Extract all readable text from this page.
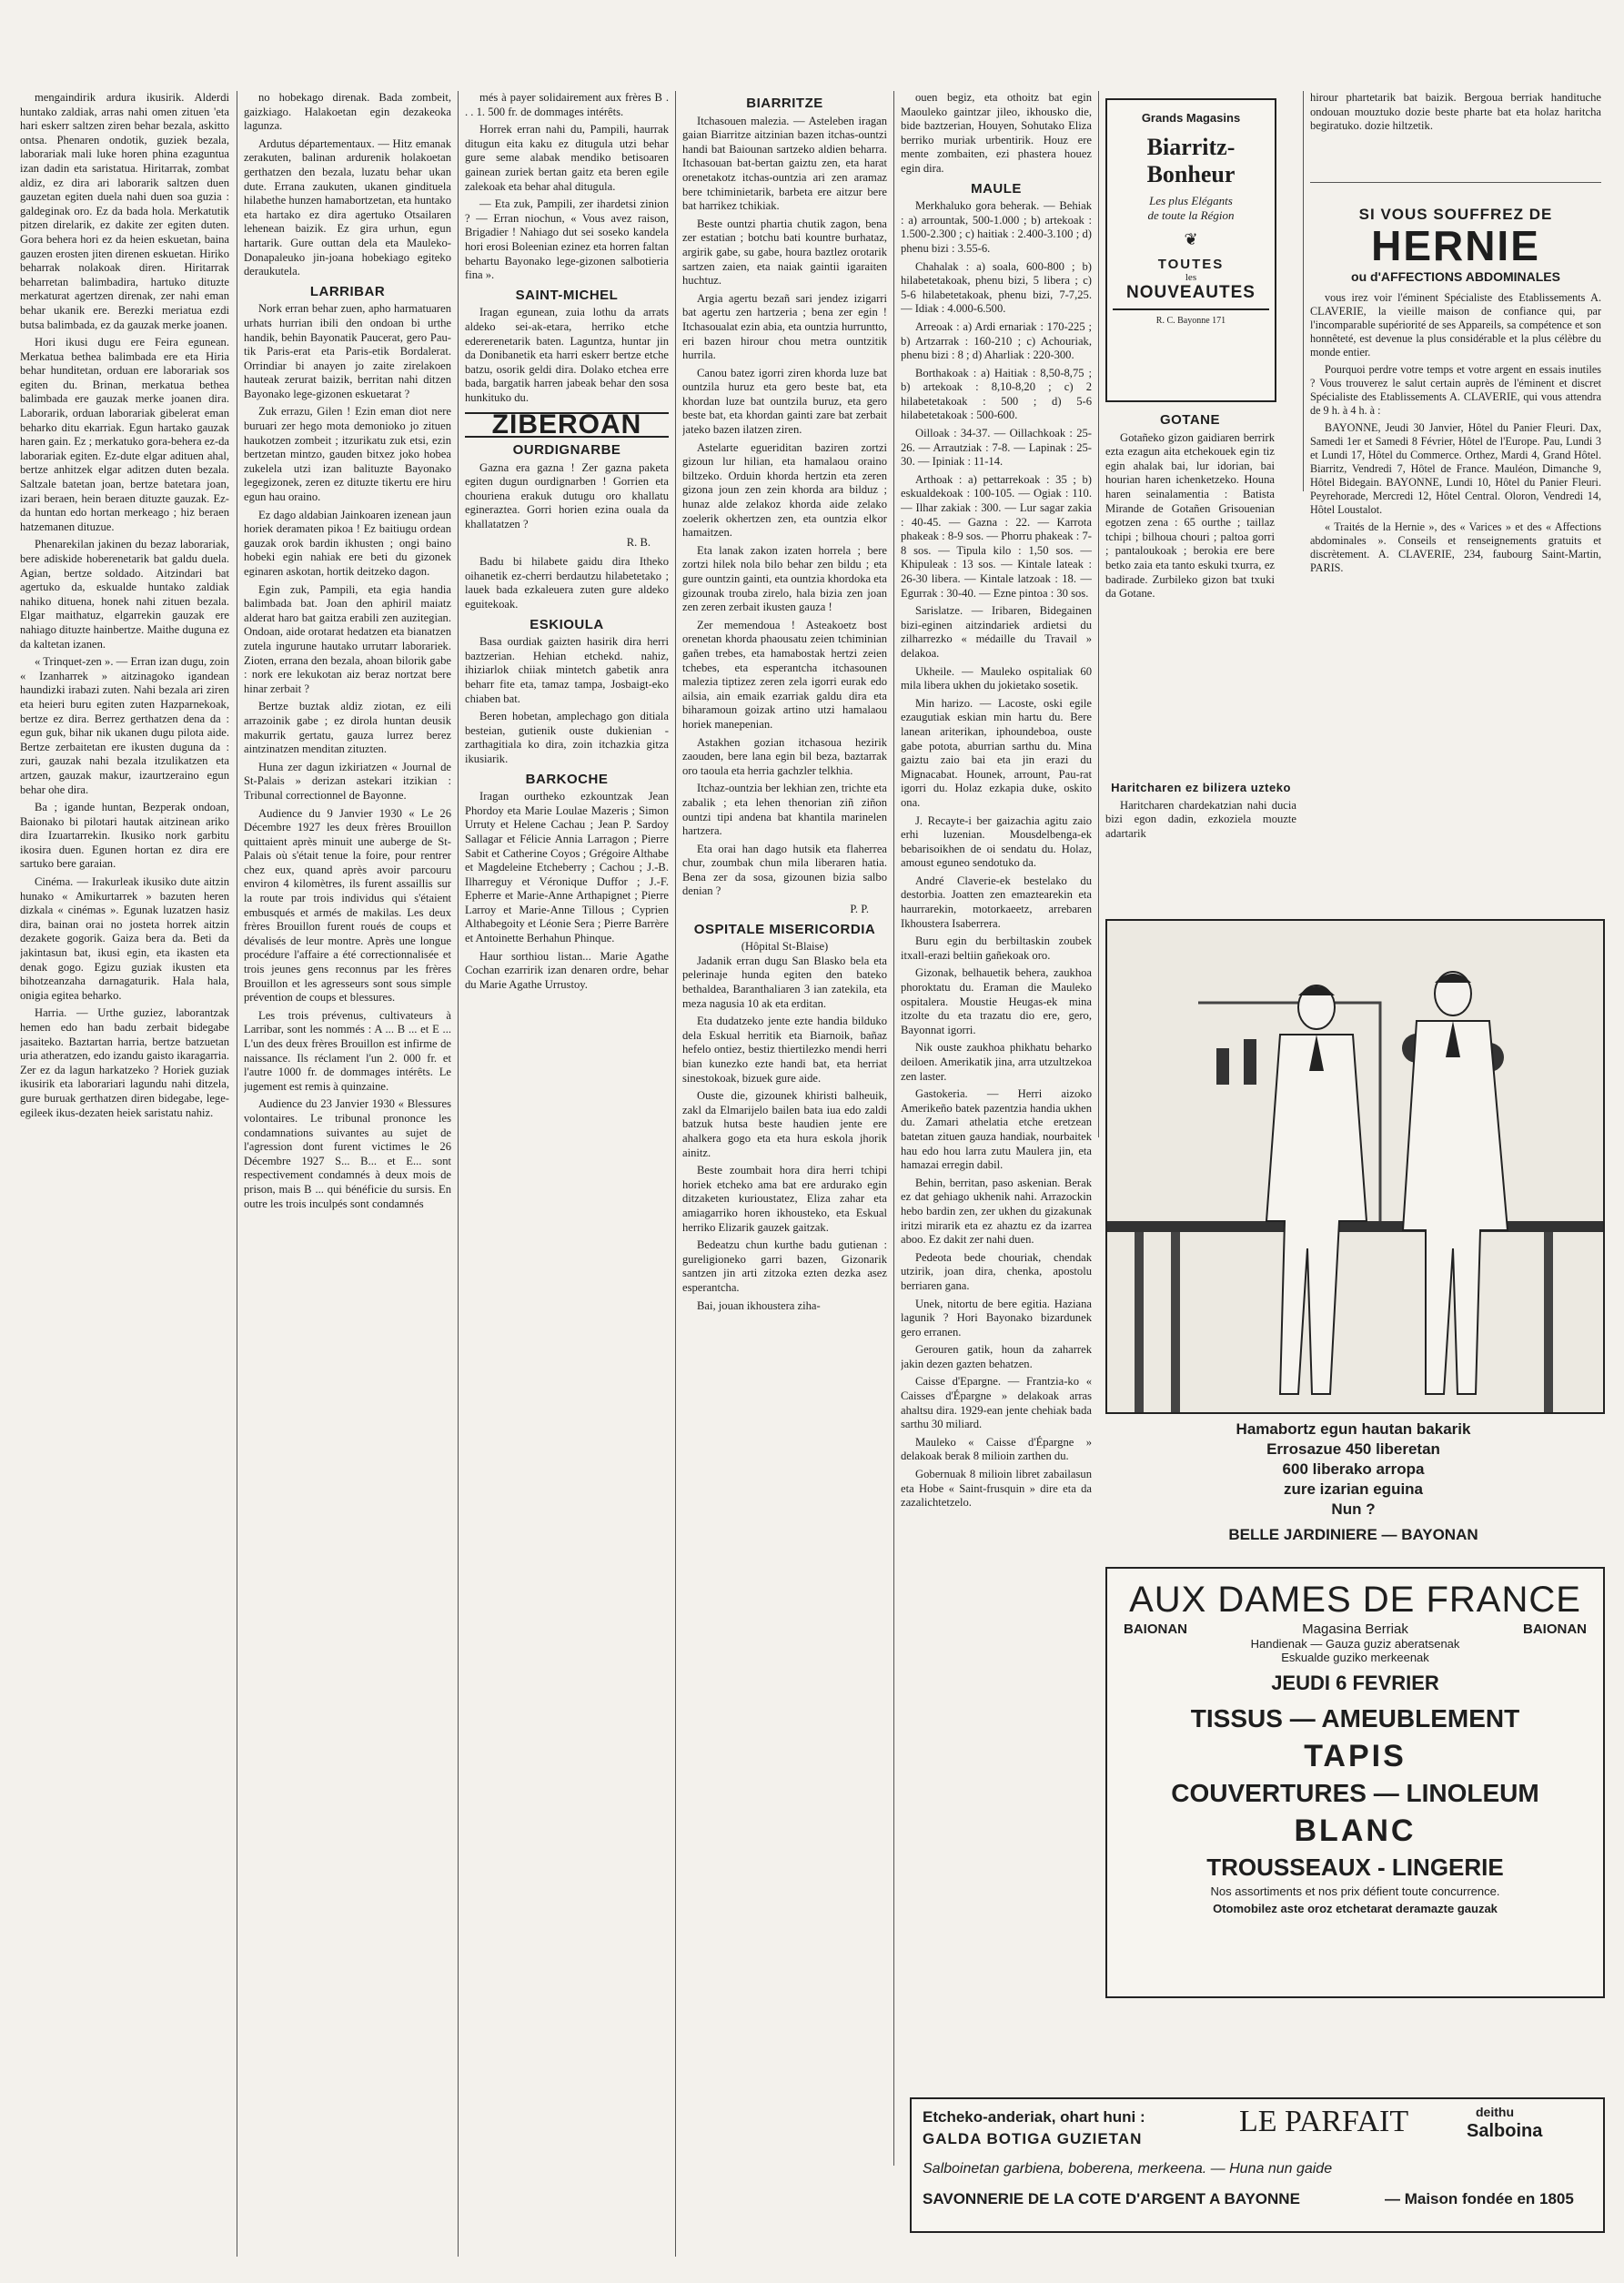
mengaindirik ardura ikusirik. Alderdi huntako zaldiak, arras nahi omen zituen 'eta hari eskerr saltzen ziren behar bezala, askitto ontsa. Phenaren ondotik, guziek bezala, laborariak mali luke horen phina ezaguntua izan dadin eta saristatua. Hiritarrak, zombat aldiz, ez dira ari laborarik saltzen duen gauzetan egiten duela nahi duen soa guzia : galdeginak oro. Ez da bada hola. Merkatutik pitzen direlarik, ez dakite zer egiten duten. Gora behera hori ez da heien eskuetan, baina gauzen erosten jiten direnen eskuetan. Hiriko beharrak nolakoak diren. Hiritarrak beharretan balimbadira, hartuko dituzte merkaturat agertzen direnak, zer nahi eman behar ukanik ere. Berezki meriatua ezdi butsa balimbada, ez da gauzak merke joanen.

Hori ikusi dugu ere Feira egunean. Merkatua bethea balimbada ere eta Hiria behar hunditetan, orduan ere laborariak sos egiten du. Brinan, merkatua bethea balimbada ere gauzak merke joanen dira. Laborarik, orduan laborariak gibelerat eman beharko ditu ekarriak. Egun hartako gauzak haren gain. Ez ; merkatuko gora-behera ez-da laborariak egiten. Ez-dute elgar adituen ahal, bertze anhitzek elgar aditzen duten bezala. Saltzale batetan joan, bertze batetara joan, izari beraen, hein beraen dituzte gauzak. Ez-da huntan edo hortan merkeago ; hiz beraen hatzemanen dituzue.

Phenarekilan jakinen du bezaz laborariak, bere adiskide hoberenetarik bat galdu duela. Agian, bertze soldado. Aitzindari bat agertuko da, eskualde huntako zaldiak nahiko dituena, honek nahi zituen bezala. Elgar maithatuz, elgarrekin gauzak ere nahiago dituzte hainbertze. Maithe duguna ez da kaltetan izanen.

« Trinquet-zen ». — Erran izan dugu, zoin « Izanharrek » aitzinagoko igandean haundizki irabazi zuten. Nahi bezala ari ziren eta heieri buru egiten zuten Hazparnekoak, bertze ez dira. Berrez gerthatzen dena da : egun guk, bihar nik ukanen dugu pilota aide. Bertze zerbaitetan ere ikusten duguna da : zuri, gauzak nahi bezala itzulikatzen eta artzen, gauzak makur, izaurtzeraino egun behar ohe dira.

Ba ; igande huntan, Bezperak ondoan, Baionako bi pilotari hautak aitzinean ariko dira Izuartarrekin. Ikusiko nork garbitu ikosira duen. Egunen hortan ez dira ere sartuko bere garaian.

Cinéma. — Irakurleak ikusiko dute aitzin hunako « Amikurtarrek » bazuten heren dizkala « cinémas ». Egunak luzatzen hasiz dira, bainan orai no josteta horrek aitzin dezakete gogorik. Gaiza bera da. Beti da jakintasun bat, ikusi egin, eta ikasten eta denak gogo. Egizu guziak ikusten eta bihotzeanzaha darnagaturik. Hala hala, onigia egitea beharko.

Harria. — Urthe guziez, laborantzak hemen edo han badu zerbait bidegabe jasaiteko. Baztartan harria, bertze batzuetan uria atheratzen, edo izandu gaisto ikaragarria. Zer ez da lagun harkatzeko ? Horiek guziak ikusirik eta laborariari lagundu nahi ditzela, gure buruak gerthatzen diren bidegabe, lege-egileek ikus-dezaten heiek saristatu nahiz.

no hobekago direnak. Bada zombeit, gaizkiago. Halakoetan egin dezakeoka lagunza.

Ardutus départementaux. — Hitz emanak zerakuten, balinan ardurenik holakoetan gerthatzen den bezala, luzatu behar ukan dute. Errana zaukuten, ukanen gindituela hilabethe hunzen hamabortzetan, eta huntako eta hartako ez dira agertuko Otsailaren lehenean baizik. Ez gira urhun, egun hartarik. Gure outtan dela eta Mauleko-Donapaleuko jin-joana hobekiago egiteko deraukutela.

LARRIBAR

Nork erran behar zuen, apho harmatuaren urhats hurrian ibili den ondoan bi urthe handik, behin Bayonatik Paucerat, gero Pau-tik Paris-erat eta Paris-etik Bordalerat. Orrindiar bi anayen jo zaite zirelakoen hauteak zerurat baizik, berritan nahi ditzen Bayonako lege-gizonen eskuetarat ?

Zuk errazu, Gilen ! Ezin eman diot nere buruari zer hego mota demonioko jo zituen haukotzen zombeit ; itzurikatu zuk etsi, ezin bertzetan mintzo, gauden bitxez joko hobea zukelela utzi izan balituzte Bayonako legegizonek, zeren ez dituzte tikertu ere hiru egun hau oraino.

Ez dago aldabian Jainkoaren izenean jaun horiek deramaten pikoa ! Ez baitiugu ordean gauzak orok bardin ikhusten ; ongi baino hobeki egin nahiak ere beti du gizonek eginaren askotan, hortik deitzeko dagon.

Egin zuk, Pampili, eta egia handia balimbada bat. Joan den aphiril maiatz alderat haro bat gaitza erabili zen auzitegian. Ondoan, aide orotarat hedatzen eta bianatzen zutela ingurune hautako urrutarr laborariek. Zioten, errana den bezala, ahoan bilorik gabe : nork ere lekukotan aiz beraz nortzat bere hinar zerbait ?

Bertze buztak aldiz ziotan, ez eili arrazoinik gabe ; ez dirola huntan deusik makurrik gertatu, gauza lurrez berez aintzinatzen menditan zituzten.

Huna zer dagun izkiriatzen « Journal de St-Palais » derizan astekari itzikian : Tribunal correctionnel de Bayonne.

Audience du 9 Janvier 1930 « Le 26 Décembre 1927 les deux frères Brouillon quittaient après minuit une auberge de St-Palais où s'était tenue la foire, pour rentrer chez eux, quand après avoir parcouru environ 4 kilomètres, ils furent assaillis sur la route par trois individus qui s'étaient embusqués et armés de makilas. Les deux frères Brouillon furent roués de coups et dévalisés de leur montre. Après une longue procédure l'affaire a été correctionnalisée et trois jeunes gens reconnus par les frères Brouillon et les agresseurs sont sous simple prévention de coups et blessures.

Les trois prévenus, cultivateurs à Larribar, sont les nommés : A ... B ... et E ... L'un des deux frères Brouillon est infirme de naissance. Ils réclament l'un 2. 000 fr. et l'autre 1000 fr. de dommages intérêts. Le jugement est remis à quinzaine.

Audience du 23 Janvier 1930 « Blessures volontaires. Le tribunal prononce les condamnations suivantes au sujet de l'agression dont furent victimes le 26 Décembre 1927 S... B... et E... sont respectivement condamnés à deux mois de prison, mais B ... qui bénéficie du sursis. En outre les trois inculpés sont condamnés

més à payer solidairement aux frères B . . . 1. 500 fr. de dommages intérêts.

Horrek erran nahi du, Pampili, haurrak ditugun eita kaku ez ditugula utzi behar gure seme alabak mendiko betisoaren gainean zuriek bertan gaitz eta beren egile zalekoak eta behar ahal ditugula.

— Eta zuk, Pampili, zer ihardetsi zinion ? — Erran niochun, « Vous avez raison, Brigadier ! Nahiago dut sei soseko kandela hori erosi Boleenian ezinez eta horren faltan behartu Bayonako lege-gizonen salbotieria fina ».

SAINT-MICHEL

Iragan egunean, zuia lothu da arrats aldeko sei-ak-etara, herriko etche edererenetarik baten. Laguntza, huntar jin da Donibanetik eta harri eskerr bertze etche batzu, osorik geldi dira. Dolako etchea erre bada, bargatik harren jabeak behar den sosa hunkituko du.

ZIBEROAN
OURDIGNARBE

Gazna era gazna ! Zer gazna paketa egiten dugun ourdignarben ! Gorrien eta chouriena erakuk dutugu oro khallatu egineraztea. Gorri horien ezina ouala da khallatatzen ?

R. B.

Badu bi hilabete gaidu dira Itheko oihanetik ez-cherri berdautzu hilabetetako ; lauek bada ezkaleuera zuten gure aldeko eguitekoak.

ESKIOULA

Basa ourdiak gaizten hasirik dira herri baztzerian. Hehian etchekd. nahiz, ihiziarlok chiiak mintetch gabetik anra beharr fite eta, tamaz tampa, Josbaigt-eko chiaben bat.

Beren hobetan, amplechago gon ditiala besteian, gutienik ouste dukienian - zarthagitiala ko dira, zoin itchazkia gitza ikusiarik.

BARKOCHE

Iragan ourtheko ezkountzak Jean Phordoy eta Marie Loulae Mazeris ; Simon Urruty et Helene Cachau ; Jean P. Sardoy Sallagar et Félicie Annia Larragon ; Pierre Sabit et Catherine Coyos ; Grégoire Althabe et Magdeleine Etcheberry ; Cachou ; J.-B. Ilharreguy et Véronique Duffor ; J.-F. Epherre et Marie-Anne Arthapignet ; Pierre Larroy et Marie-Anne Tillous ; Cyprien Althabegoity et Léonie Sera ; Pierre Barrère et Antoinette Berhahun Phinque.

Haur sorthiou listan... Marie Agathe Cochan ezarririk izan denaren ordre, behar du Marie Agathe Urrustoy.

BIARRITZE

Itchasouen malezia. — Asteleben iragan gaian Biarritze aitzinian bazen itchas-ountzi handi bat Baiounan sartzeko aldien beharra. Itchasouan bat-bertan gaiztu zen, eta harat orenetakotz itchas-ountzia ari zen aramaz bere tchiminietarik, barbeta ere aitzur bere bat harrikez tchikiak.

Beste ountzi phartia chutik zagon, bena zer estatian ; botchu bati kountre burhataz, argirik gabe, su gabe, houra baztlez orotarik sartzen zaien, eta naiak gaintii igaraiten huchtuz.

Argia agertu bezañ sari jendez izigarri bat agertu zen hartzeria ; bena zer egin ! Itchasoualat ezin abia, eta ountzia hurruntto, eri bazen hirour chou metra ountzitik hurrila.

Canou batez igorri ziren khorda luze bat ountzila huruz eta gero beste bat, eta khordan luze bat ountzila buruz, eta gero beste bat, eta khordan gainti zare bat zerbait jateko bazen ilatzen ziren.

Astelarte egueriditan baziren zortzi gizoun lur hilian, eta hamalaou oraino biltzeko. Orduin khorda hertzin eta zeren gizona joun zen zein khorda ara bilduz ; hunaz alde zelakoz khorda aide zelako zoelerik okhertzen zen, eta ountzia elkor hamaitzen.

Eta lanak zakon izaten horrela ; bere zortzi hilek nola bilo behar zen bildu ; eta gure ountzin gainti, eta ountzia khordoka eta gizounak trouba zirelo, hala bizia zen joan zen zeren zerbait ikusten gauza !

Zer memendoua ! Asteakoetz bost orenetan khorda phaousatu zeien tchiminian gañen trebes, eta hamabostak hertzi zeien tchebes, eta esperantcha itchasounen malezia tiptizez zeren zela igorri eurak edo ailsia, ain emaik ezarriak galdu dira eta biharamoun goizak artino utzi hamalaou horiek manepenian.

Astakhen gozian itchasoua hezirik zaouden, bere lana egin bil beza, baztarrak oro taoula eta herria gachzler telkhia.

Itchaz-ountzia ber lekhian zen, trichte eta zabalik ; eta lehen thenorian ziñ ziñon ountzi tipi andena bat khantila marinelen hartzera.

Eta orai han dago hutsik eta flaherrea chur, zoumbak chun mila liberaren hatia. Bena zer da sosa, gizounen bizia salbo denian ?

P. P.
OSPITALE MISERICORDIA
(Hôpital St-Blaise)

Jadanik erran dugu San Blasko bela eta pelerinaje hunda egiten den bateko bethaldea, Baranthaliaren 3 ian zatekila, eta meza nagusia 10 ak eta erditan.

Eta dudatzeko jente ezte handia bilduko dela Eskual herritik eta Biarnoik, bañaz hefelo ontiez, bestiz thiertilezko mendi herri bian kunezko ezte handi bat, eta herriat sinestokoak, bizuek gure aide.

Ouste die, gizounek khiristi balheuik, zakl da Elmarijelo bailen bata iua edo zaldi batzuk hutsa beste haudien jente ere ahalkera gogo eta eta hura eskola jhorik ainitz.

Beste zoumbait hora dira herri tchipi horiek etcheko ama bat ere ardurako egin ditzaketen kurioustatez, Eliza zahar eta amiagarriko horen ikhousteko, eta Eskual herriko Elizarik gauzek gaitzak.

Bedeatzu chun kurthe badu gutienan : gureligioneko garri bazen, Gizonarik santzen jin arti zitzoka ezten dezka asez esperantcha.

Bai, jouan ikhoustera ziha-

ouen begiz, eta othoitz bat egin Maouleko gaintzar jileo, ikhousko die, bide baztzerian, Houyen, Sohutako Eliza berriko muriak urbentirik. Houz ere mente zombaiten, ezi phastera houez egin dira.

MAULE

Merkhaluko gora beherak. — Behiak : a) arrountak, 500-1.000 ; b) artekoak : 1.500-2.300 ; c) haitiak : 2.400-3.100 ; d) phenu bizi : 3.55-6.

Chahalak : a) soala, 600-800 ; b) hilabetetakoak, phenu bizi, 5 libera ; c) 5-6 hilabetetakoak, phenu bizi, 7-7,25. — Idiak : 4.000-6.500.

Arreoak : a) Ardi ernariak : 170-225 ; b) Artzarrak : 160-210 ; c) Achouriak, phenu bizi : 8 ; d) Aharliak : 220-300.

Borthakoak : a) Haitiak : 8,50-8,75 ; b) artekoak : 8,10-8,20 ; c) 2 hilabetetakoak : 500 ; d) 5-6 hilabetetakoak : 500-600.

Oilloak : 34-37. — Oillachkoak : 25-26. — Arrautziak : 7-8. — Lapinak : 25-30. — Ipiniak : 11-14.

Arthoak : a) pettarrekoak : 35 ; b) eskualdekoak : 100-105. — Ogiak : 110. — Ilhar zakiak : 300. — Lur sagar zakia : 40-45. — Gazna : 22. — Karrota phakeak : 8-9 sos. — Phorru phakeak : 7-8 sos. — Tipula kilo : 1,50 sos. — Khipuleak : 13 sos. — Kintale lateak : 26-30 libera. — Kintale latzoak : 18. — Egurrak : 30-40. — Ezne pintoa : 30 sos.

Sarislatze. — Iribaren, Bidegainen bizi-eginen aitzindariek ardietsi du zilharrezko « médaille du Travail » delakoa.

Ukheile. — Mauleko ospitaliak 60 mila libera ukhen du jokietako sosetik.

Min harizo. — Lacoste, oski egile ezaugutiak eskian min hartu du. Bere lanean ariterikan, iphoundeboa, ouste gabe potota, aburrian sarthu du. Mina gaiztu zaio bai eta jin erazi du Mignacabat. Hounek, arrount, Pau-rat igorri du. Holaz ezkapia duke, oskito ona.

J. Recayte-i ber gaizachia agitu zaio erhi luzenian. Mousdelbenga-ek bebarisoikhen de oi sendatu du. Holaz, amoust eguneo sendotuko da.

André Claverie-ek bestelako du destorbia. Joatten zen emaztearekin eta haurrarekin, motorkaeetz, arrebaren Ikhoustera Isaberrera.

Buru egin du berbiltaskin zoubek itxall-erazi beltiin gañekoak oro.

Gizonak, belhauetik behera, zaukhoa phoroktatu du. Eraman die Mauleko ospitalera. Moustie Heugas-ek mina itzolte du eta trazatu dio ere, gero, Bayonnat igorri.

Nik ouste zaukhoa phikhatu beharko deiloen. Amerikatik jina, arra utzultzekoa zen laster.

Gastokeria. — Herri aizoko Amerikeño batek pazentzia handia ukhen du. Zamari athelatia etche eretzean batetan zituen gauza handiak, nourbaitek hau edo hou larra zutu Maulera jin, eta hamazai erregin dabil.

Behin, berritan, paso askenian. Berak ez dat gehiago ukhenik nahi. Arrazockin hebo bardin zen, zer ukhen du gizakunak iritzi mirarik eta ez ahaztu ez da izarrea aboo. Ez dakit zer nahi duen.

Pedeota bede chouriak, chendak utzirik, joan dira, chenka, apostolu berriaren gana.

Unek, nitortu de bere egitia. Haziana lagunik ? Hori Bayonako bizardunek gero erranen.

Gerouren gatik, houn da zaharrek jakin dezen gazten behatzen.

Caisse d'Epargne. — Frantzia-ko « Caisses d'Épargne » delakoak arras ahaltsu dira. 1929-ean jente chehiak bada sarthu 30 miliard.

Mauleko « Caisse d'Épargne » delakoak berak 8 milioin zarthen du.

Gobernuak 8 milioin libret zabailasun eta Hobe « Saint-frusquin » dire eta da zazalichtetzelo.

Grands Magasins
Biarritz-Bonheur
Les plus Elégants
de toute la Région
❦
TOUTES
les
NOUVEAUTES
R. C. Bayonne 171
GOTANE

Gotañeko gizon gaidiaren berrirk ezta ezagun aita etchekouek egin tiz egin ahalak bai, lur idorian, bai hourian haren ichenketzeko. Houna haren seinalamentia : Batista Mirande de Gotañen Grisouenian egotzen zena : 65 ourthe ; taillaz tchipi ; bilhoua chouri ; paltoa gorri ; pantaloukoak ; berokia ere bere betko zaia eta tanto eskuki txurra, ez badirade. Zurbileko gizon bat txuki da Gotane.

hirour phartetarik bat baizik. Bergoua berriak handituche ondouan mouztuko dozie beste pharte bat eta holaz haritcha begiratuko. dozie hiltzetik.

SI VOUS SOUFFREZ DE
HERNIE
ou d'AFFECTIONS ABDOMINALES

vous irez voir l'éminent Spécialiste des Etablissements A. CLAVERIE, la vieille maison de confiance qui, par l'incomparable supériorité de ses Appareils, sa compétence et son honnêteté, est devenue la plus considérable et la plus célèbre du monde entier.

Pourquoi perdre votre temps et votre argent en essais inutiles ? Vous trouverez le salut certain auprès de l'éminent et discret Spécialiste des Etablissements A. CLAVERIE, qui vous attendra de 9 h. à 4 h. à :

BAYONNE, Jeudi 30 Janvier, Hôtel du Panier Fleuri. Dax, Samedi 1er et Samedi 8 Février, Hôtel de l'Europe. Pau, Lundi 3 et Lundi 17, Hôtel du Commerce. Orthez, Mardi 4, Grand Hôtel. Biarritz, Vendredi 7, Hôtel de France. Mauléon, Dimanche 9, Hôtel Bidegain. BAYONNE, Lundi 10, Hôtel du Panier Fleuri. Peyrehorade, Mercredi 12, Hôtel Central. Oloron, Vendredi 14, Hôtel Loustalot.

« Traités de la Hernie », des « Varices » et des « Affections abdominales ». Conseils et renseignements gratuits et discrètement. A. CLAVERIE, 234, faubourg Saint-Martin, PARIS.

Haritcharen ez bilizera uzteko

Haritcharen chardekatzian nahi ducia bizi egon dadin, ezkoziela mouzte adartarik

Hamabortz egun hautan bakarik
Errosazue 450 liberetan
600 liberako arropa
zure izarian eguina
Nun ?
BELLE JARDINIERE — BAYONAN
AUX DAMES DE FRANCE
BAIONAN	Magasina Berriak	BAIONAN
Handienak — Gauza guziz aberatsenak
Eskualde guziko merkeenak
JEUDI 6 FEVRIER
TISSUS — AMEUBLEMENT
TAPIS
COUVERTURES — LINOLEUM
BLANC
TROUSSEAUX - LINGERIE
Nos assortiments et nos prix défient toute concurrence.
Otomobilez aste oroz etchetarat deramazte gauzak
Etcheko-anderiak, ohart huni :
GALDA BOTIGA GUZIETAN
LE PARFAIT	deithu
Salboina
Salboinetan garbiena, boberena, merkeena. — Huna nun gaide
SAVONNERIE DE LA COTE D'ARGENT A BAYONNE	— Maison fondée en 1805
